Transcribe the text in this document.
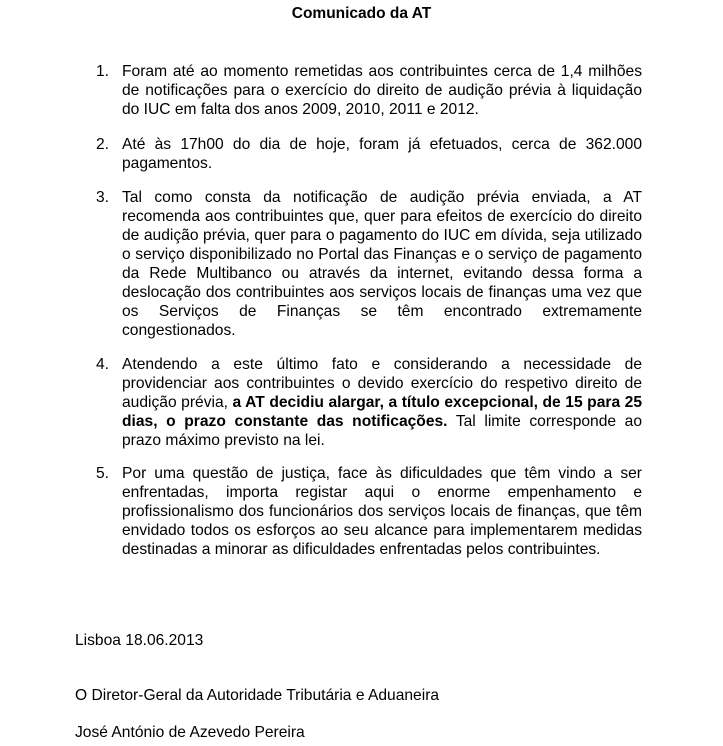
Comunicado da AT
1. Foram até ao momento remetidas aos contribuintes cerca de 1,4 milhões de notificações para o exercício do direito de audição prévia à liquidação do IUC em falta dos anos 2009, 2010, 2011 e 2012.
2. Até às 17h00 do dia de hoje, foram já efetuados, cerca de 362.000 pagamentos.
3. Tal como consta da notificação de audição prévia enviada, a AT recomenda aos contribuintes que, quer para efeitos de exercício do direito de audição prévia, quer para o pagamento do IUC em dívida, seja utilizado o serviço disponibilizado no Portal das Finanças e o serviço de pagamento da Rede Multibanco ou através da internet, evitando dessa forma a deslocação dos contribuintes aos serviços locais de finanças uma vez que os Serviços de Finanças se têm encontrado extremamente congestionados.
4. Atendendo a este último fato e considerando a necessidade de providenciar aos contribuintes o devido exercício do respetivo direito de audição prévia, a AT decidiu alargar, a título excepcional, de 15 para 25 dias, o prazo constante das notificações. Tal limite corresponde ao prazo máximo previsto na lei.
5. Por uma questão de justiça, face às dificuldades que têm vindo a ser enfrentadas, importa registar aqui o enorme empenhamento e profissionalismo dos funcionários dos serviços locais de finanças, que têm envidado todos os esforços ao seu alcance para implementarem medidas destinadas a minorar as dificuldades enfrentadas pelos contribuintes.
Lisboa 18.06.2013
O Diretor-Geral da Autoridade Tributária e Aduaneira
José António de Azevedo Pereira
